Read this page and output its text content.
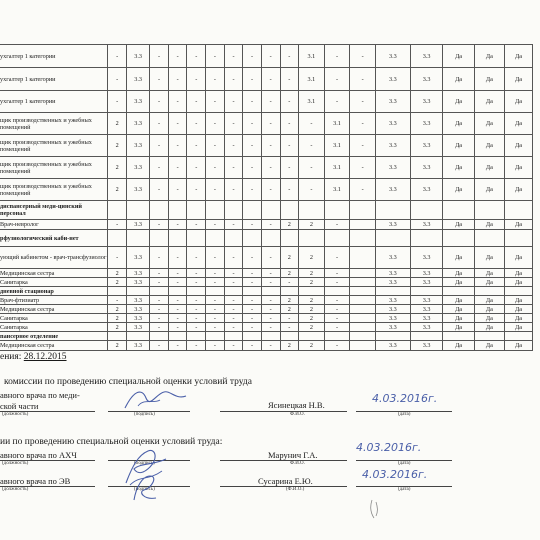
ухгалтер 1 категории	-	3.3	-	-	-	-	-	-	-	-	3.1	-	-	3.3	3.3	Да	Да	Да
ухгалтер 1 категории	-	3.3	-	-	-	-	-	-	-	-	3.1	-	-	3.3	3.3	Да	Да	Да
ухгалтер 1 категории	-	3.3	-	-	-	-	-	-	-	-	3.1	-	-	3.3	3.3	Да	Да	Да
щик производственных и ужебных помещений	2	3.3	-	-	-	-	-	-	-	-	-	3.1	-	3.3	3.3	Да	Да	Да
щик производственных и ужебных помещений	2	3.3	-	-	-	-	-	-	-	-	-	3.1	-	3.3	3.3	Да	Да	Да
щик производственных и ужебных помещений	2	3.3	-	-	-	-	-	-	-	-	-	3.1	-	3.3	3.3	Да	Да	Да
щик производственных и ужебных помещений	2	3.3	-	-	-	-	-	-	-	-	-	3.1	-	3.3	3.3	Да	Да	Да
диспансерный меди-цинский персонал																		
Врач-невролог	-	3.3	-	-	-	-	-	-	-	2	2	-		3.3	3.3	Да	Да	Да
рфузиологический каби-нет																		
ующий кабинетом - врач-трансфузиолог	-	3.3	-	-	-	-	-	-	-	2	2	-		3.3	3.3	Да	Да	Да
Медицинская сестра	2	3.3	-	-	-	-	-	-	-	2	2	-		3.3	3.3	Да	Да	Да
Санитарка	2	3.3	-	-	-	-	-	-	-	-	2	-		3.3	3.3	Да	Да	Да
дневной стационар																		
Врач-фтизиатр	-	3.3	-	-	-	-	-	-	-	2	2	-		3.3	3.3	Да	Да	Да
Медицинская сестра	2	3.3	-	-	-	-	-	-	-	2	2	-		3.3	3.3	Да	Да	Да
Санитарка	2	3.3	-	-	-	-	-	-	-	-	2	-		3.3	3.3	Да	Да	Да
Санитарка	2	3.3	-	-	-	-	-	-	-	-	2	-		3.3	3.3	Да	Да	Да
пансерное отделение																		
Медицинская сестра	2	3.3	-	-	-	-	-	-	-	2	2	-		3.3	3.3	Да	Да	Да
ения: 28.12.2015
комиссии по проведению специальной оценки условий труда
авного врача по меди-
ской части
(должность)	(подпись)
Ясинецкая Н.В.
Ф.И.О.	(дата)
4.03.2016г.
ии по проведению специальной оценки условий труда:
авного врача по АХЧ
(должность)	(подпись)
Марунич Г.А.
Ф.И.О.	(дата)
4.03.2016г.
авного врача по ЭВ
(должность)	(подпись)
Сусарина Е.Ю.
(Ф.И.О.)	(дата)
4.03.2016г.
